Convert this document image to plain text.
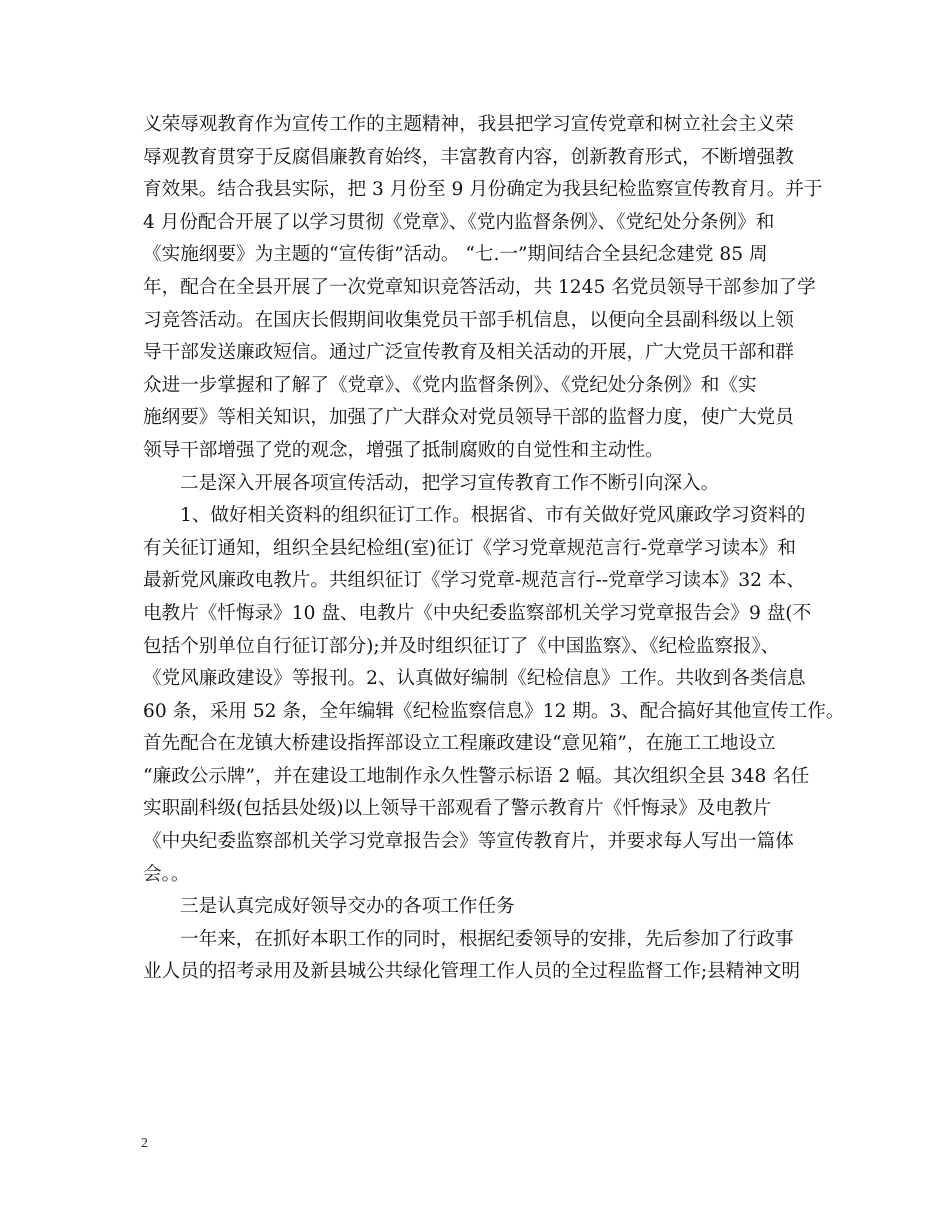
义荣辱观教育作为宣传工作的主题精神，我县把学习宣传党章和树立社会主义荣
辱观教育贯穿于反腐倡廉教育始终，丰富教育内容，创新教育形式，不断增强教
育效果。结合我县实际，把 3 月份至 9 月份确定为我县纪检监察宣传教育月。并于
4 月份配合开展了以学习贯彻《党章》、《党内监督条例》、《党纪处分条例》和
《实施纲要》为主题的“宣传街”活动。 “七.一”期间结合全县纪念建党 85 周
年，配合在全县开展了一次党章知识竞答活动，共 1245 名党员领导干部参加了学
习竞答活动。在国庆长假期间收集党员干部手机信息，以便向全县副科级以上领
导干部发送廉政短信。通过广泛宣传教育及相关活动的开展，广大党员干部和群
众进一步掌握和了解了《党章》、《党内监督条例》、《党纪处分条例》和《实
施纲要》等相关知识，加强了广大群众对党员领导干部的监督力度，使广大党员
领导干部增强了党的观念，增强了抵制腐败的自觉性和主动性。
二是深入开展各项宣传活动，把学习宣传教育工作不断引向深入。
1、做好相关资料的组织征订工作。根据省、市有关做好党风廉政学习资料的
有关征订通知，组织全县纪检组(室)征订《学习党章规范言行-党章学习读本》和
最新党风廉政电教片。共组织征订《学习党章-规范言行--党章学习读本》32 本、
电教片《忏悔录》10 盘、电教片《中央纪委监察部机关学习党章报告会》9 盘(不
包括个别单位自行征订部分);并及时组织征订了《中国监察》、《纪检监察报》、
《党风廉政建设》等报刊。2、认真做好编制《纪检信息》工作。共收到各类信息
60 条，采用 52 条，全年编辑《纪检监察信息》12 期。3、配合搞好其他宣传工作。
首先配合在龙镇大桥建设指挥部设立工程廉政建设“意见箱”，在施工工地设立
“廉政公示牌”，并在建设工地制作永久性警示标语 2 幅。其次组织全县 348 名任
实职副科级(包括县处级)以上领导干部观看了警示教育片《忏悔录》及电教片
《中央纪委监察部机关学习党章报告会》等宣传教育片，并要求每人写出一篇体
会。。
三是认真完成好领导交办的各项工作任务
一年来，在抓好本职工作的同时，根据纪委领导的安排，先后参加了行政事
业人员的招考录用及新县城公共绿化管理工作人员的全过程监督工作;县精神文明
2
